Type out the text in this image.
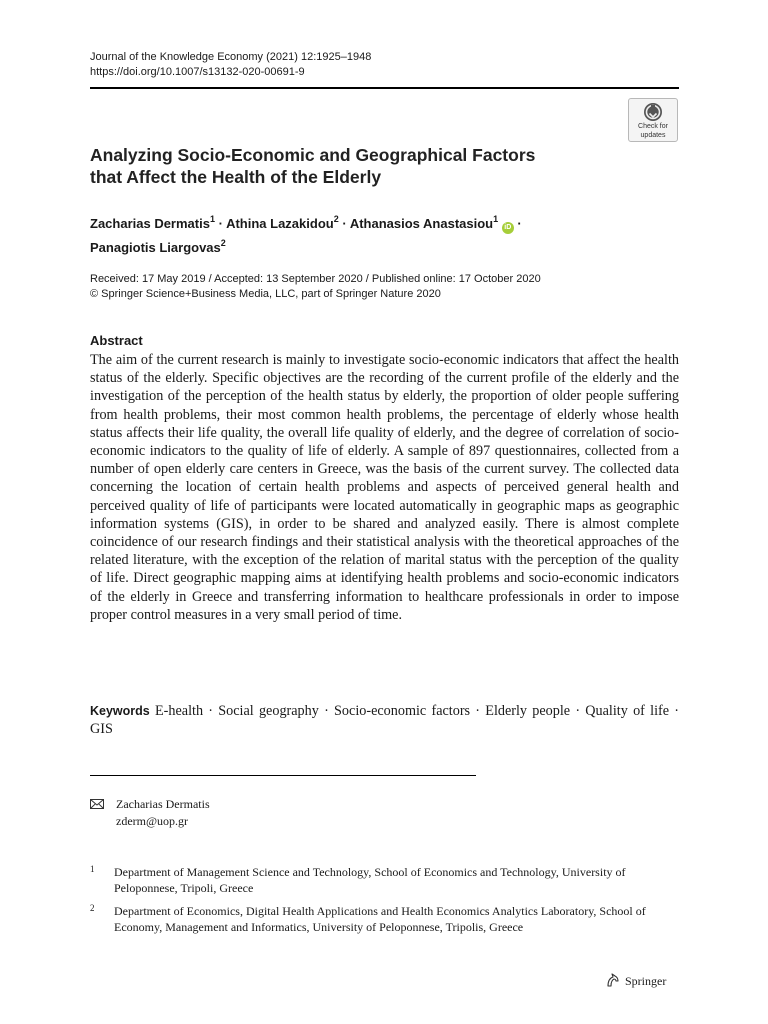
Journal of the Knowledge Economy (2021) 12:1925–1948
https://doi.org/10.1007/s13132-020-00691-9
Check for
updates
Analyzing Socio-Economic and Geographical Factors
that Affect the Health of the Elderly
Zacharias Dermatis$^1$ · Athina Lazakidou$^2$ · Athanasios Anastasiou$^1$ iD ·
Panagiotis Liargovas$^2$
Received: 17 May 2019 / Accepted: 13 September 2020 / Published online: 17 October 2020
© Springer Science+Business Media, LLC, part of Springer Nature 2020
Abstract
The aim of the current research is mainly to investigate socio-economic indicators that affect the health status of the elderly. Specific objectives are the recording of the current profile of the elderly and the investigation of the perception of the health status by elderly, the proportion of older people suffering from health problems, their most common health problems, the percentage of elderly whose health status affects their life quality, the overall life quality of elderly, and the degree of correlation of socio-economic indicators to the quality of life of elderly. A sample of 897 questionnaires, collected from a number of open elderly care centers in Greece, was the basis of the current survey. The collected data concerning the location of certain health problems and aspects of perceived general health and perceived quality of life of participants were located automatically in geographic maps as geographic information systems (GIS), in order to be shared and analyzed easily. There is almost complete coincidence of our research findings and their statistical analysis with the theoretical approaches of the related literature, with the exception of the relation of marital status with the perception of the quality of life. Direct geographic mapping aims at identifying health problems and socio-economic indicators of the elderly in Greece and transferring information to healthcare professionals in order to impose proper control measures in a very small period of time.
Keywords E-health · Social geography · Socio-economic factors · Elderly people · Quality of life · GIS
Zacharias Dermatis
zderm@uop.gr
1 Department of Management Science and Technology, School of Economics and Technology, University of Peloponnese, Tripoli, Greece
2 Department of Economics, Digital Health Applications and Health Economics Analytics Laboratory, School of Economy, Management and Informatics, University of Peloponnese, Tripolis, Greece
Springer
